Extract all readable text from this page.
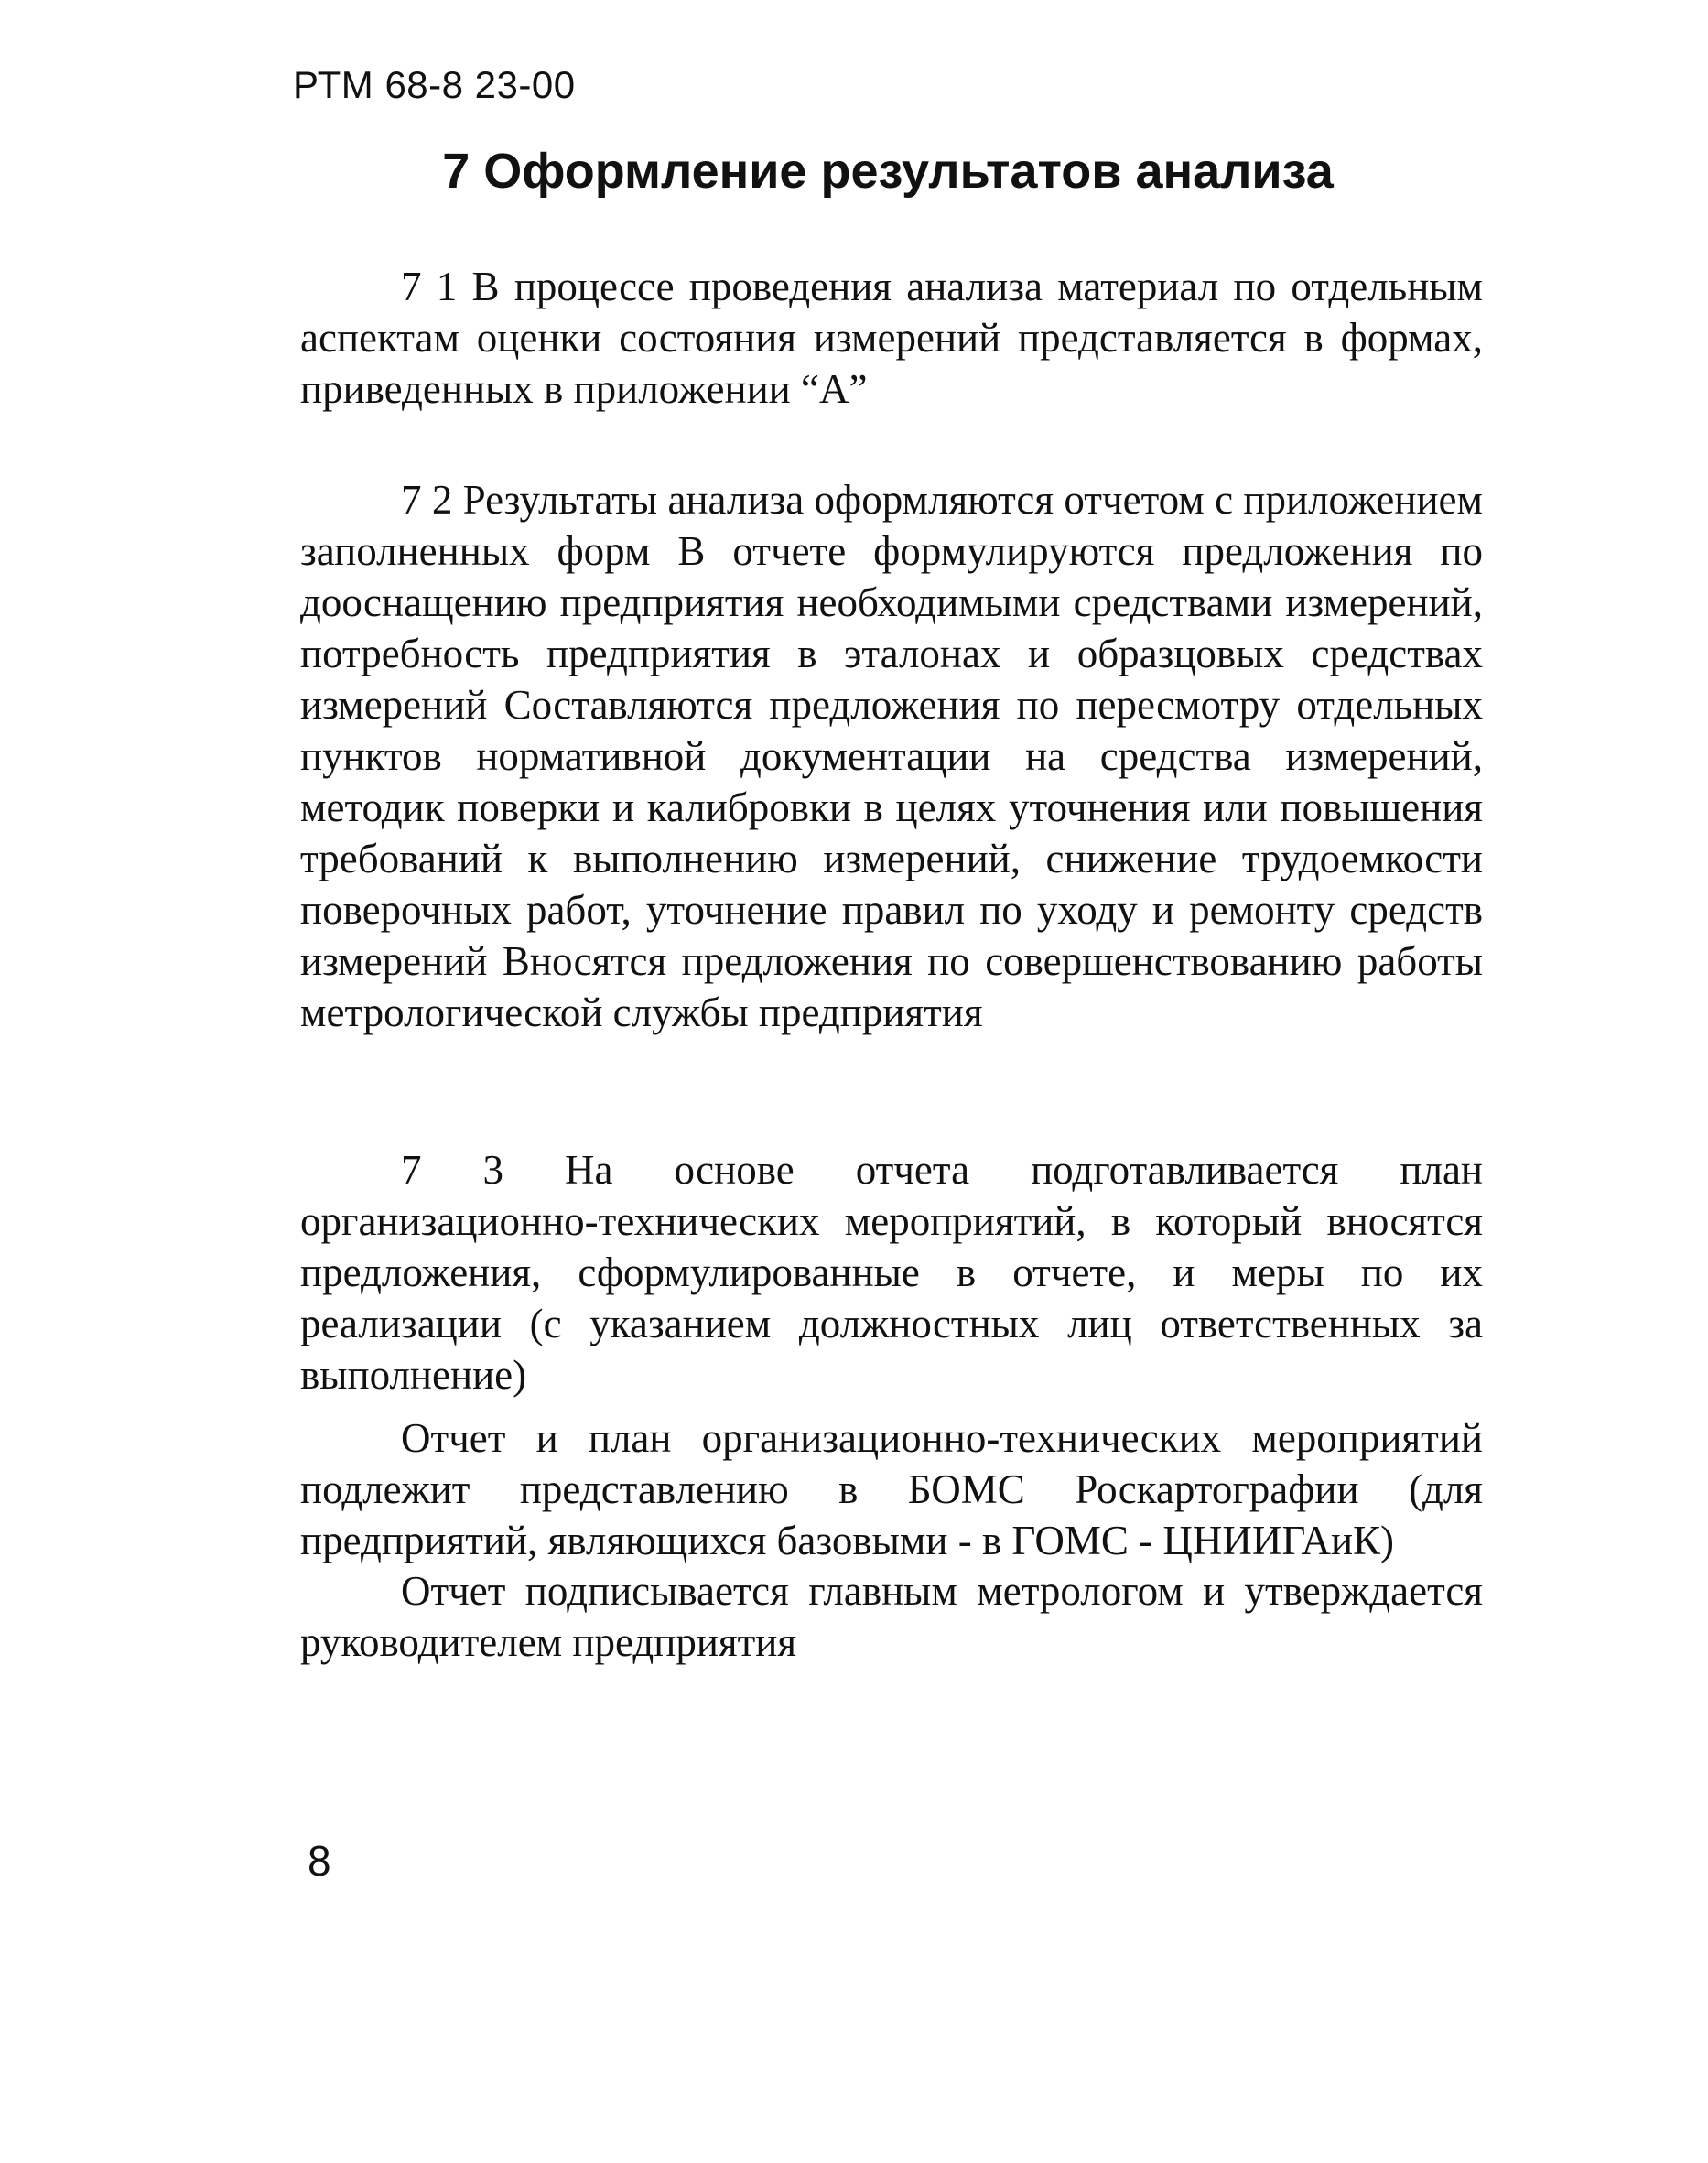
РТМ 68-8 23-00
7 Оформление результатов анализа

7 1 В процессе проведения анализа материал по отдельным аспектам оценки состояния измерений представляется в формах, приведенных в приложении “А”

7 2 Результаты анализа оформляются отчетом с приложением заполненных форм В отчете формулируются предложения по дооснащению предприятия необходимыми средствами измерений, потребность предприятия в эталонах и образцовых средствах измерений Составляются предложения по пересмотру отдельных пунктов нормативной документации на средства измерений, методик поверки и калибровки в целях уточнения или повышения требований к выполнению измерений, снижение трудоемкости поверочных работ, уточнение правил по уходу и ремонту средств измерений Вносятся предложения по совершенствованию работы метрологической службы предприятия

7 3 На основе отчета подготавливается план организационно-технических мероприятий, в который вносятся предложения, сформулированные в отчете, и меры по их реализации (с указанием должностных лиц ответственных за выполнение)

Отчет и план организационно-технических мероприятий подлежит представлению в БОМС Роскартографии (для предприятий, являющихся базовыми - в ГОМС - ЦНИИГАиК)

Отчет подписывается главным метрологом и утверждается руководителем предприятия

8
